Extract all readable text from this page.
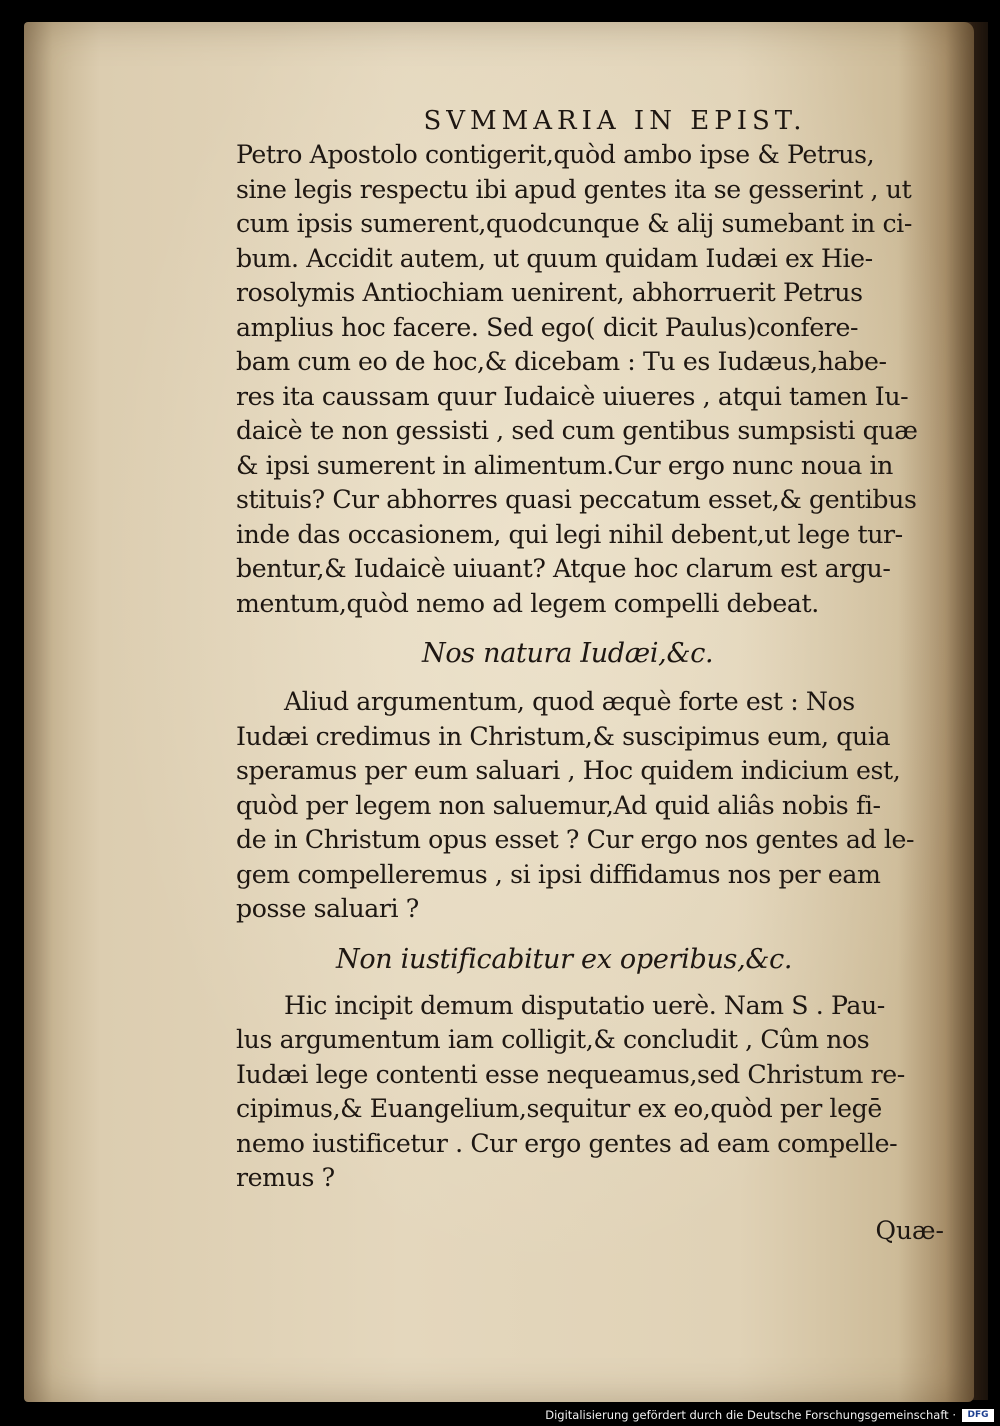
SVMMARIA IN EPIST.
Petro Apostolo contigerit,quòd ambo ipse & Petrus,
sine legis respectu ibi apud gentes ita se gesserint , ut
cum ipsis sumerent,quodcunque & alij sumebant in ci-
bum. Accidit autem, ut quum quidam Iudæi ex Hie-
rosolymis Antiochiam uenirent, abhorruerit Petrus
amplius hoc facere. Sed ego( dicit Paulus)confere-
bam cum eo de hoc,& dicebam : Tu es Iudæus,habe-
res ita caussam quur Iudaicè uiueres , atqui tamen Iu-
daicè te non gessisti , sed cum gentibus sumpsisti quæ
& ipsi sumerent in alimentum.Cur ergo nunc noua in
stituis? Cur abhorres quasi peccatum esset,& gentibus
inde das occasionem, qui legi nihil debent,ut lege tur-
bentur,& Iudaicè uiuant? Atque hoc clarum est argu-
mentum,quòd nemo ad legem compelli debeat.
Nos natura Iudæi,&c.
Aliud argumentum, quod æquè forte est : Nos
Iudæi credimus in Christum,& suscipimus eum, quia
speramus per eum saluari , Hoc quidem indicium est,
quòd per legem non saluemur,Ad quid aliâs nobis fi-
de in Christum opus esset ? Cur ergo nos gentes ad le-
gem compelleremus , si ipsi diffidamus nos per eam
posse saluari ?
Non iustificabitur ex operibus,&c.
Hic incipit demum disputatio uerè. Nam S . Pau-
lus argumentum iam colligit,& concludit , Cûm nos
Iudæi lege contenti esse nequeamus,sed Christum re-
cipimus,& Euangelium,sequitur ex eo,quòd per legē
nemo iustificetur . Cur ergo gentes ad eam compelle-
remus ?
Quæ-
Digitalisierung gefördert durch die Deutsche Forschungsgemeinschaft ·	DFG
